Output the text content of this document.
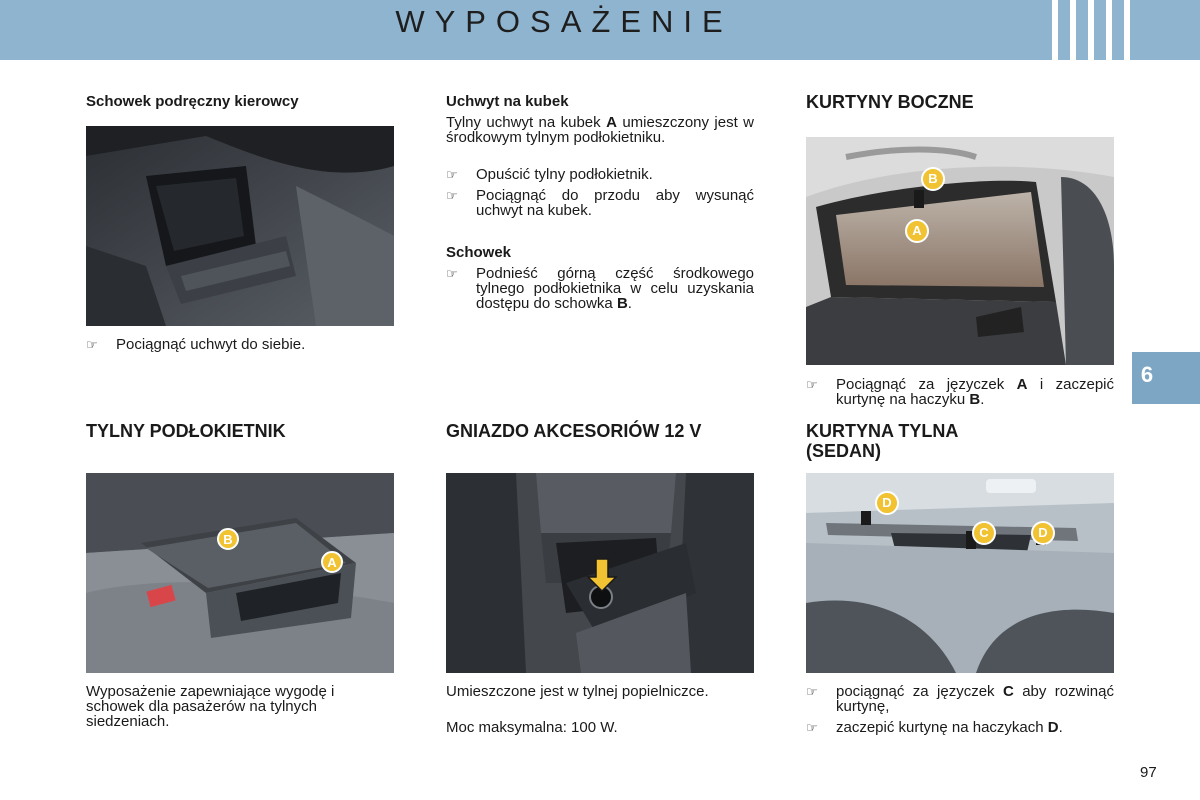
WYPOSAŻENIE
6
Schowek podręczny kierowcy
☞ Pociągnąć uchwyt do siebie.
TYLNY PODŁOKIETNIK
B
A
Wyposażenie zapewniające wygodę i schowek dla pasażerów na tylnych siedzeniach.
Uchwyt na kubek
Tylny uchwyt na kubek A umieszczony jest w środkowym tylnym podłokietniku.
☞ Opuścić tylny podłokietnik.
☞ Pociągnąć do przodu aby wysunąć uchwyt na kubek.
Schowek
☞ Podnieść górną część środkowego tylnego podłokietnika w celu uzyskania dostępu do schowka B.
GNIAZDO AKCESORIÓW 12 V
Umieszczone jest w tylnej popielniczce.
Moc maksymalna: 100 W.
KURTYNY BOCZNE
B
A
☞ Pociągnąć za języczek A i zaczepić kurtynę na haczyku B.
KURTYNA TYLNA
(SEDAN)
D
C	D
☞ pociągnąć za języczek C aby rozwinąć kurtynę,
☞ zaczepić kurtynę na haczykach D.
97
